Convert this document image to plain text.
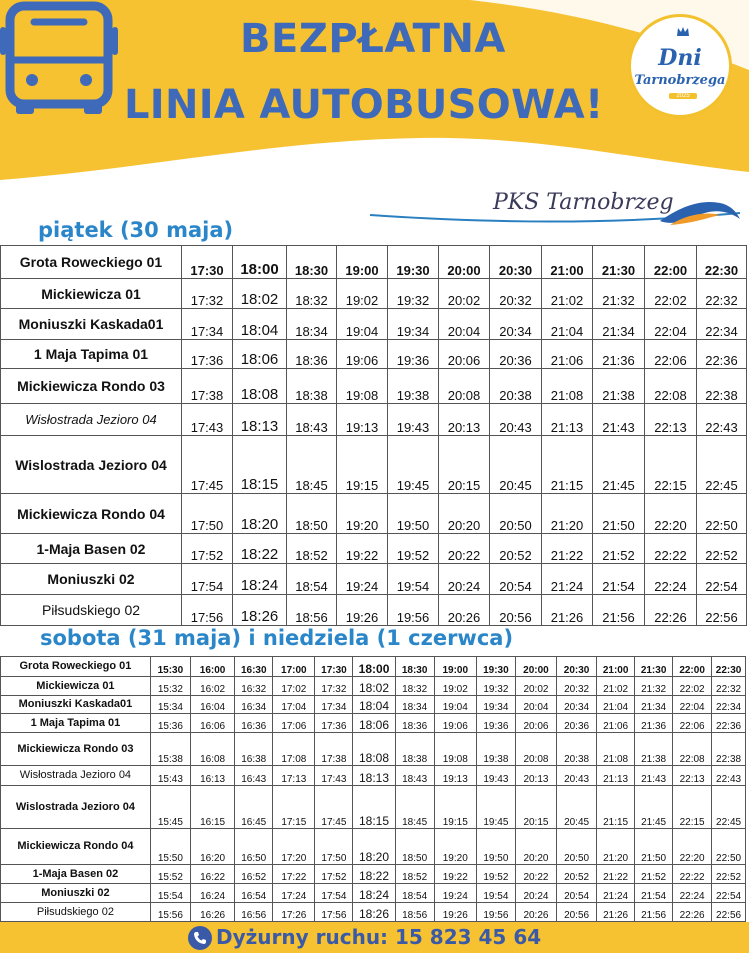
BEZPŁATNA
LINIA AUTOBUSOWA!
Dni
Tarnobrzega
2025
PKS Tarnobrzeg
piątek (30 maja)
Grota Roweckiego 01	17:30	18:00	18:30	19:00	19:30	20:00	20:30	21:00	21:30	22:00	22:30
Mickiewicza 01	17:32	18:02	18:32	19:02	19:32	20:02	20:32	21:02	21:32	22:02	22:32
Moniuszki Kaskada01	17:34	18:04	18:34	19:04	19:34	20:04	20:34	21:04	21:34	22:04	22:34
1 Maja Tapima 01	17:36	18:06	18:36	19:06	19:36	20:06	20:36	21:06	21:36	22:06	22:36
Mickiewicza Rondo 03	17:38	18:08	18:38	19:08	19:38	20:08	20:38	21:08	21:38	22:08	22:38
Wisłostrada Jezioro 04	17:43	18:13	18:43	19:13	19:43	20:13	20:43	21:13	21:43	22:13	22:43
Wislostrada Jezioro 04	17:45	18:15	18:45	19:15	19:45	20:15	20:45	21:15	21:45	22:15	22:45
Mickiewicza Rondo 04	17:50	18:20	18:50	19:20	19:50	20:20	20:50	21:20	21:50	22:20	22:50
1-Maja Basen 02	17:52	18:22	18:52	19:22	19:52	20:22	20:52	21:22	21:52	22:22	22:52
Moniuszki 02	17:54	18:24	18:54	19:24	19:54	20:24	20:54	21:24	21:54	22:24	22:54
Piłsudskiego 02	17:56	18:26	18:56	19:26	19:56	20:26	20:56	21:26	21:56	22:26	22:56
sobota (31 maja) i niedziela (1 czerwca)
Grota Roweckiego 01	15:30	16:00	16:30	17:00	17:30	18:00	18:30	19:00	19:30	20:00	20:30	21:00	21:30	22:00	22:30
Mickiewicza 01	15:32	16:02	16:32	17:02	17:32	18:02	18:32	19:02	19:32	20:02	20:32	21:02	21:32	22:02	22:32
Moniuszki Kaskada01	15:34	16:04	16:34	17:04	17:34	18:04	18:34	19:04	19:34	20:04	20:34	21:04	21:34	22:04	22:34
1 Maja Tapima 01	15:36	16:06	16:36	17:06	17:36	18:06	18:36	19:06	19:36	20:06	20:36	21:06	21:36	22:06	22:36
Mickiewicza Rondo 03	15:38	16:08	16:38	17:08	17:38	18:08	18:38	19:08	19:38	20:08	20:38	21:08	21:38	22:08	22:38
Wisłostrada Jezioro 04	15:43	16:13	16:43	17:13	17:43	18:13	18:43	19:13	19:43	20:13	20:43	21:13	21:43	22:13	22:43
Wislostrada Jezioro 04	15:45	16:15	16:45	17:15	17:45	18:15	18:45	19:15	19:45	20:15	20:45	21:15	21:45	22:15	22:45
Mickiewicza Rondo 04	15:50	16:20	16:50	17:20	17:50	18:20	18:50	19:20	19:50	20:20	20:50	21:20	21:50	22:20	22:50
1-Maja Basen 02	15:52	16:22	16:52	17:22	17:52	18:22	18:52	19:22	19:52	20:22	20:52	21:22	21:52	22:22	22:52
Moniuszki 02	15:54	16:24	16:54	17:24	17:54	18:24	18:54	19:24	19:54	20:24	20:54	21:24	21:54	22:24	22:54
Piłsudskiego 02	15:56	16:26	16:56	17:26	17:56	18:26	18:56	19:26	19:56	20:26	20:56	21:26	21:56	22:26	22:56
Dyżurny ruchu: 15 823 45 64
